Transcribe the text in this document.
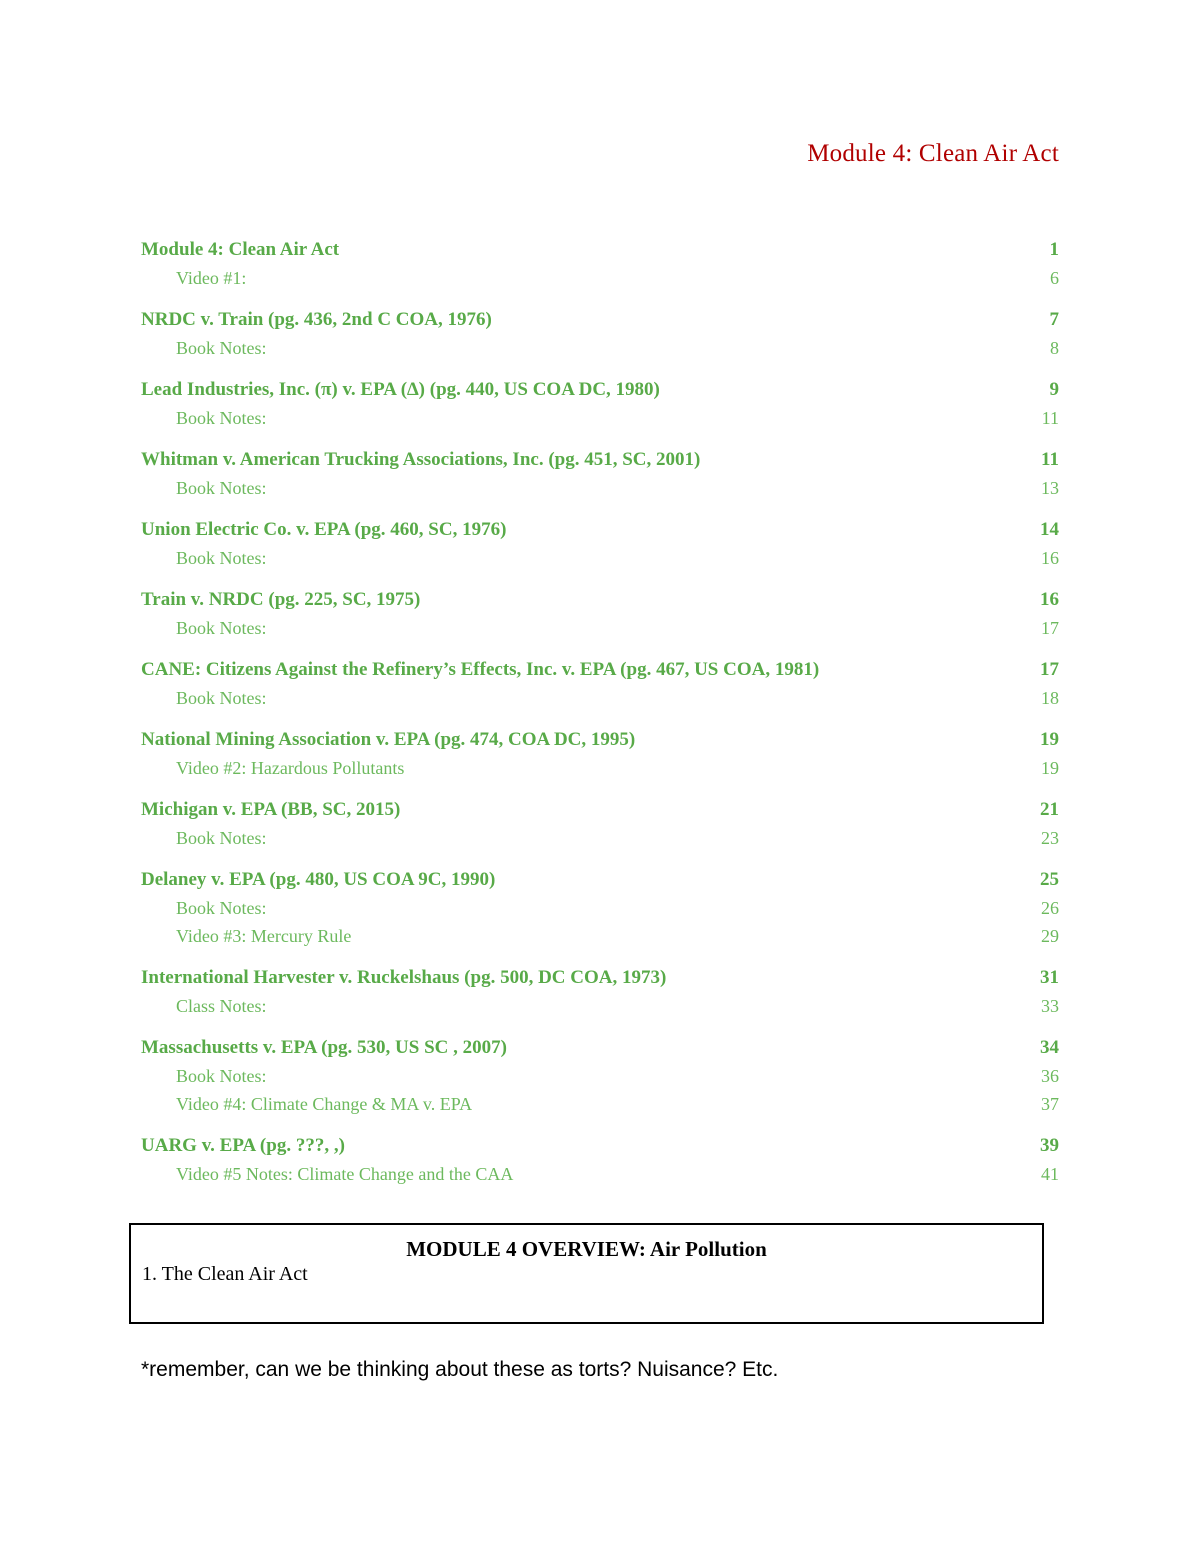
Module 4: Clean Air Act
Module 4: Clean Air Act	1
Video #1:	6
NRDC v. Train (pg. 436, 2nd C COA, 1976)	7
Book Notes:	8
Lead Industries, Inc. (π) v. EPA (∆) (pg. 440, US COA DC, 1980)	9
Book Notes:	11
Whitman v. American Trucking Associations, Inc. (pg. 451, SC, 2001)	11
Book Notes:	13
Union Electric Co. v. EPA (pg. 460, SC, 1976)	14
Book Notes:	16
Train v. NRDC (pg. 225, SC, 1975)	16
Book Notes:	17
CANE: Citizens Against the Refinery’s Effects, Inc. v. EPA (pg. 467, US COA, 1981)	17
Book Notes:	18
National Mining Association v. EPA (pg. 474, COA DC, 1995)	19
Video #2: Hazardous Pollutants	19
Michigan v. EPA (BB, SC, 2015)	21
Book Notes:	23
Delaney v. EPA (pg. 480, US COA 9C, 1990)	25
Book Notes:	26
Video #3: Mercury Rule	29
International Harvester v. Ruckelshaus (pg. 500, DC COA, 1973)	31
Class Notes:	33
Massachusetts v. EPA (pg. 530, US SC , 2007)	34
Book Notes:	36
Video #4: Climate Change & MA v. EPA	37
UARG v. EPA (pg. ???, ,)	39
Video #5 Notes: Climate Change and the CAA	41
MODULE 4 OVERVIEW: Air Pollution
1. The Clean Air Act
*remember, can we be thinking about these as torts? Nuisance? Etc.
